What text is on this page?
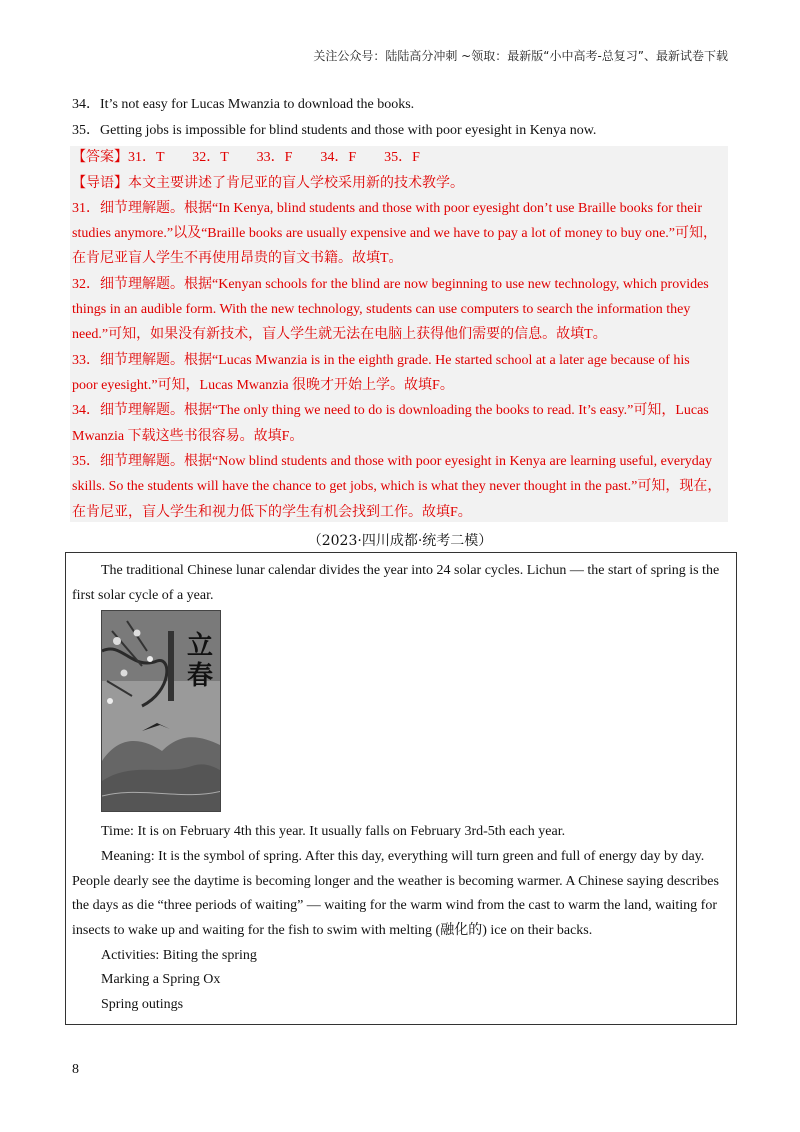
关注公众号：陆陆高分冲刺 ~领取：最新版“小中高考-总复习”、最新试卷下载
34．It’s not easy for Lucas Mwanzia to download the books.
35．Getting jobs is impossible for blind students and those with poor eyesight in Kenya now.
【答案】31．T　　32．T　　33．F　　34．F　　35．F
【导语】本文主要讲述了肯尼亚的盲人学校采用新的技术教学。
31．细节理解题。根据“In Kenya, blind students and those with poor eyesight don’t use Braille books for their
studies anymore.”以及“Braille books are usually expensive and we have to pay a lot of money to buy one.”可知，
在肯尼亚盲人学生不再使用昂贵的盲文书籍。故填T。
32．细节理解题。根据“Kenyan schools for the blind are now beginning to use new technology, which provides
things in an audible form. With the new technology, students can use computers to search the information they
need.”可知，如果没有新技术，盲人学生就无法在电脑上获得他们需要的信息。故填T。
33．细节理解题。根据“Lucas Mwanzia is in the eighth grade. He started school at a later age because of his
poor eyesight.”可知，Lucas Mwanzia 很晚才开始上学。故填F。
34．细节理解题。根据“The only thing we need to do is downloading the books to read. It’s easy.”可知，Lucas
Mwanzia 下载这些书很容易。故填F。
35．细节理解题。根据“Now blind students and those with poor eyesight in Kenya are learning useful, everyday
skills. So the students will have the chance to get jobs, which is what they never thought in the past.”可知，现在，
在肯尼亚，盲人学生和视力低下的学生有机会找到工作。故填F。
（2023·四川成都·统考二模）
The traditional Chinese lunar calendar divides the year into 24 solar cycles. Lichun — the start of spring is the
first solar cycle of a year.
立春
Time: It is on February 4th this year. It usually falls on February 3rd-5th each year.
Meaning: It is the symbol of spring. After this day, everything will turn green and full of energy day by day.
People dearly see the daytime is becoming longer and the weather is becoming warmer. A Chinese saying describes
the days as die “three periods of waiting” — waiting for the warm wind from the cast to warm the land, waiting for
insects to wake up and waiting for the fish to swim with melting (融化的) ice on their backs.
Activities: Biting the spring
Marking a Spring Ox
Spring outings
8
